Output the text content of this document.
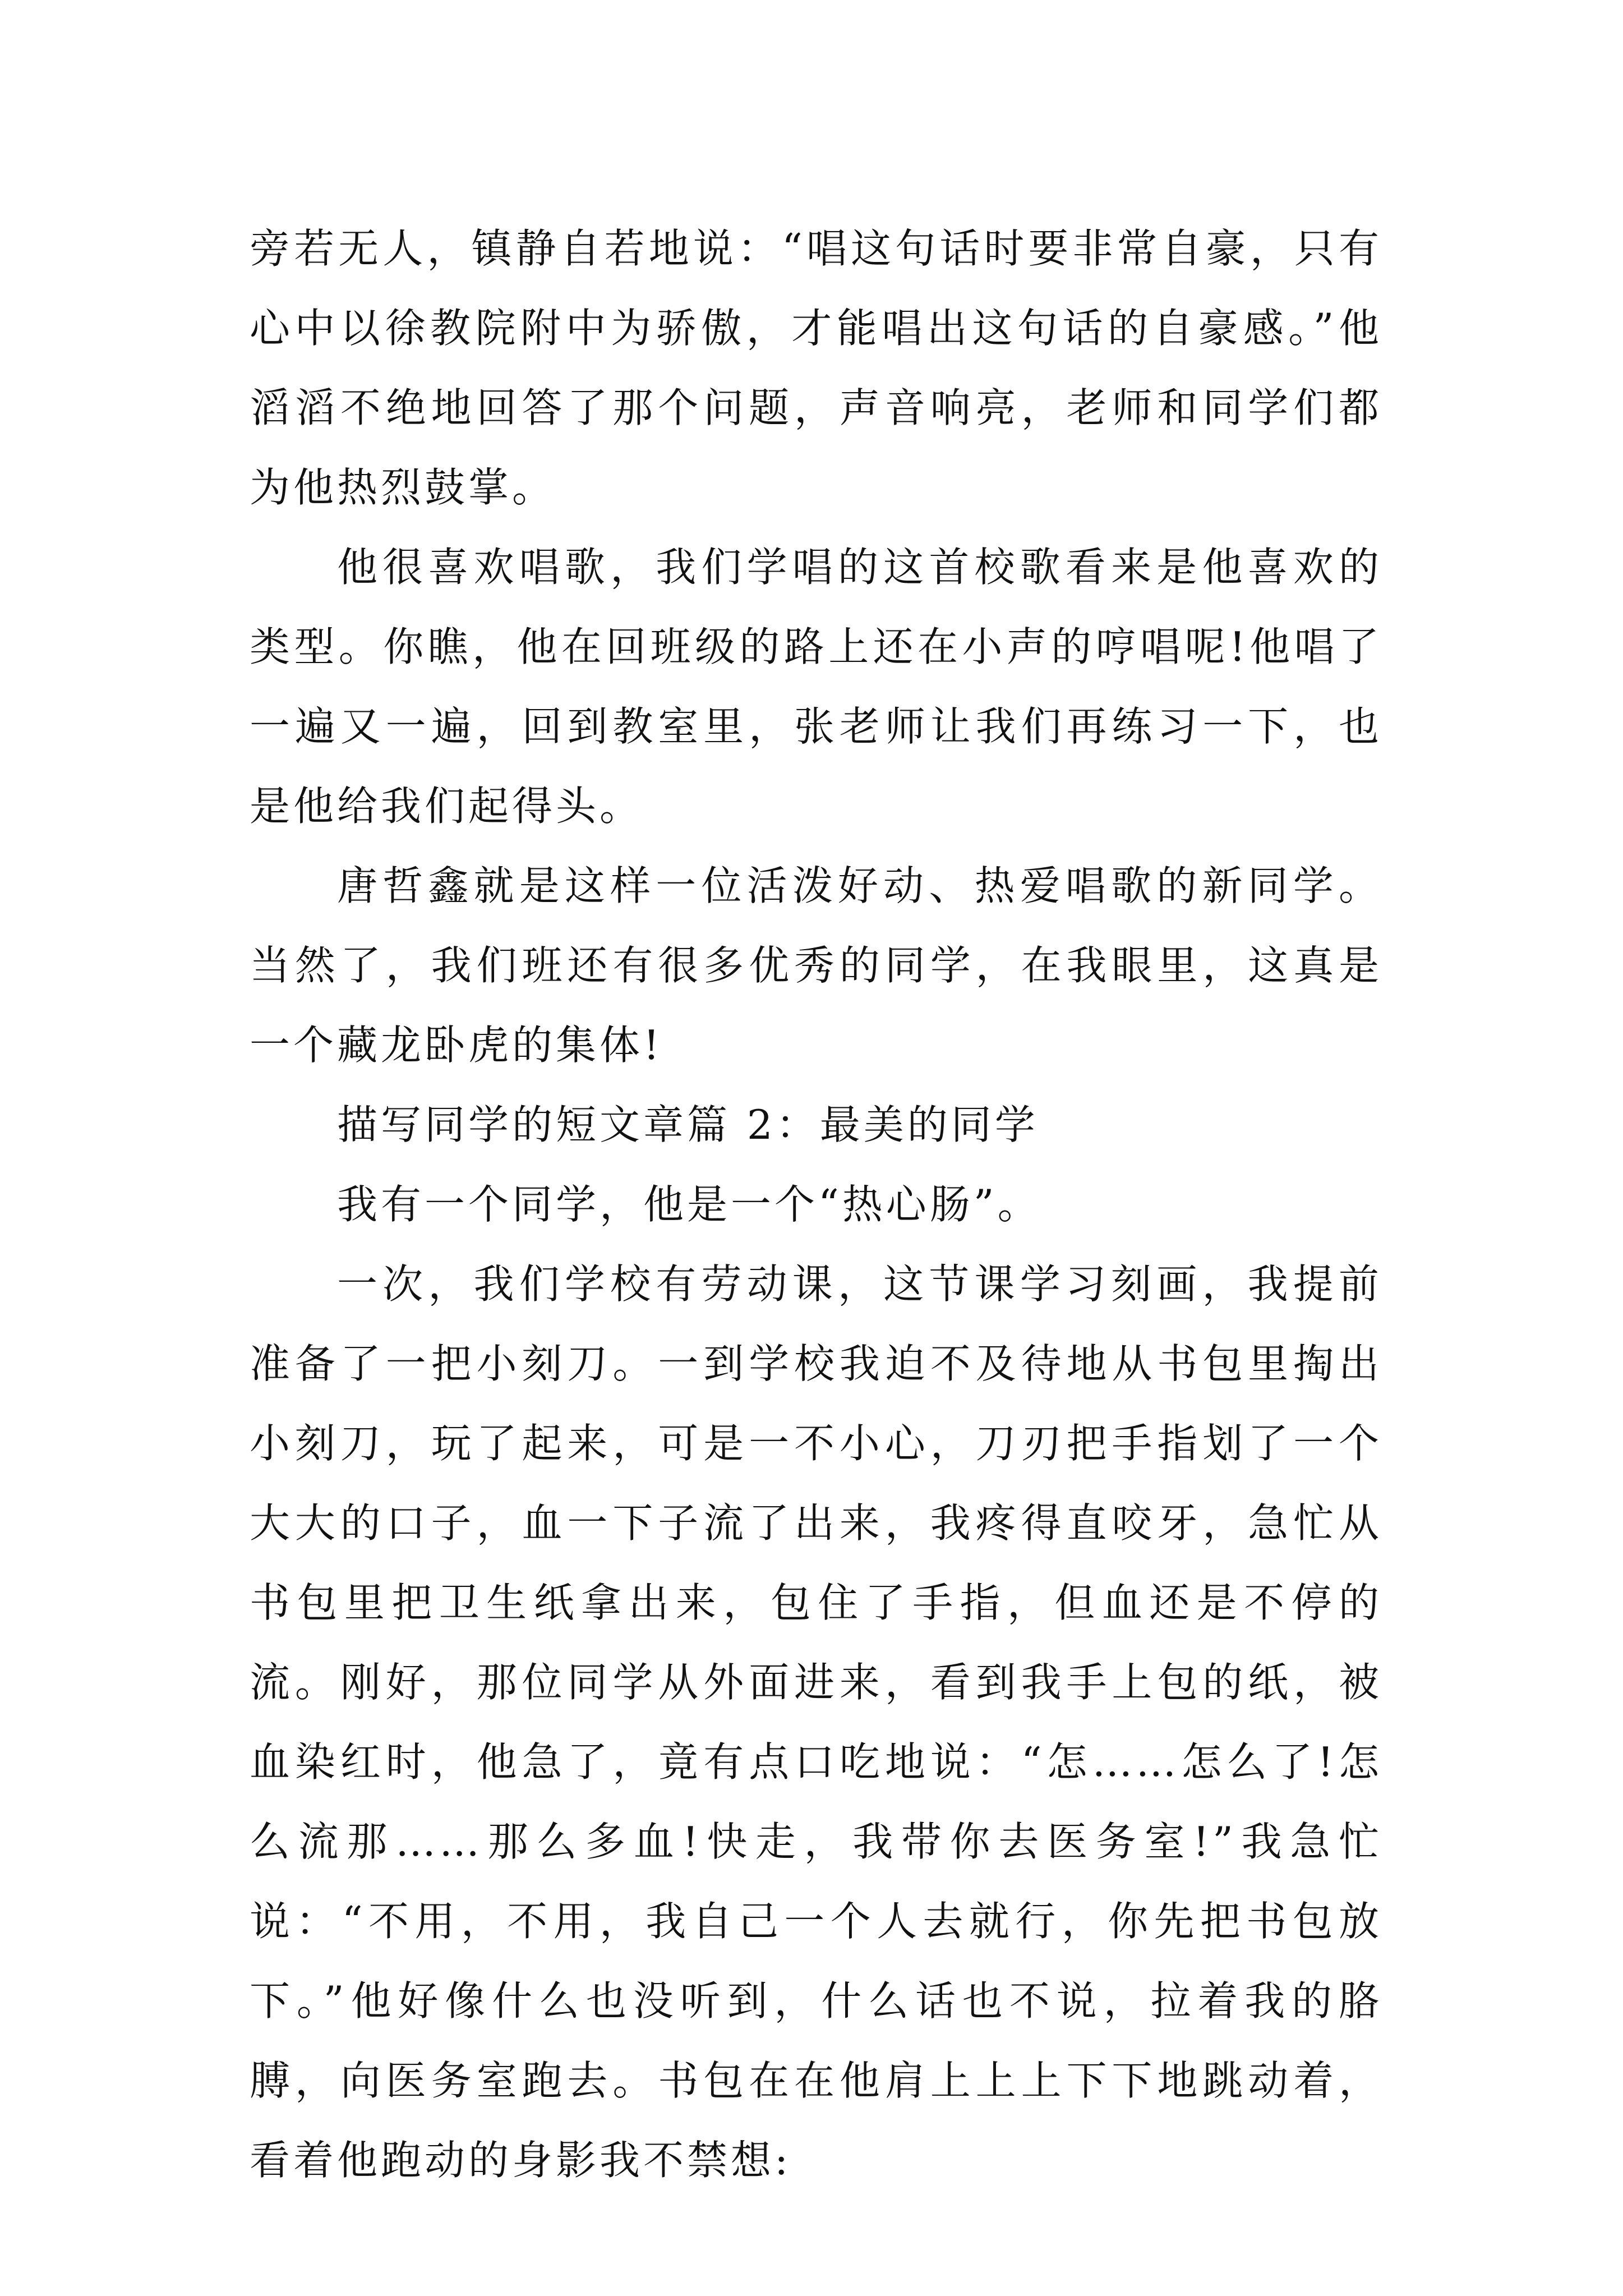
旁若无人，镇静自若地说：“唱这句话时要非常自豪，只有心中以徐教院附中为骄傲，才能唱出这句话的自豪感。”他滔滔不绝地回答了那个问题，声音响亮，老师和同学们都为他热烈鼓掌。

他很喜欢唱歌，我们学唱的这首校歌看来是他喜欢的类型。你瞧，他在回班级的路上还在小声的哼唱呢!他唱了一遍又一遍，回到教室里，张老师让我们再练习一下，也是他给我们起得头。

唐哲鑫就是这样一位活泼好动、热爱唱歌的新同学。当然了，我们班还有很多优秀的同学，在我眼里，这真是一个藏龙卧虎的集体!

描写同学的短文章篇 2：最美的同学

我有一个同学，他是一个“热心肠”。

一次，我们学校有劳动课，这节课学习刻画，我提前准备了一把小刻刀。一到学校我迫不及待地从书包里掏出小刻刀，玩了起来，可是一不小心，刀刃把手指划了一个大大的口子，血一下子流了出来，我疼得直咬牙，急忙从书包里把卫生纸拿出来，包住了手指，但血还是不停的流。刚好，那位同学从外面进来，看到我手上包的纸，被血染红时，他急了，竟有点口吃地说：“怎……怎么了!怎么流那……那么多血!快走，我带你去医务室!”我急忙说：“不用，不用，我自己一个人去就行，你先把书包放下。”他好像什么也没听到，什么话也不说，拉着我的胳膊，向医务室跑去。书包在在他肩上上上下下地跳动着，看着他跑动的身影我不禁想:
